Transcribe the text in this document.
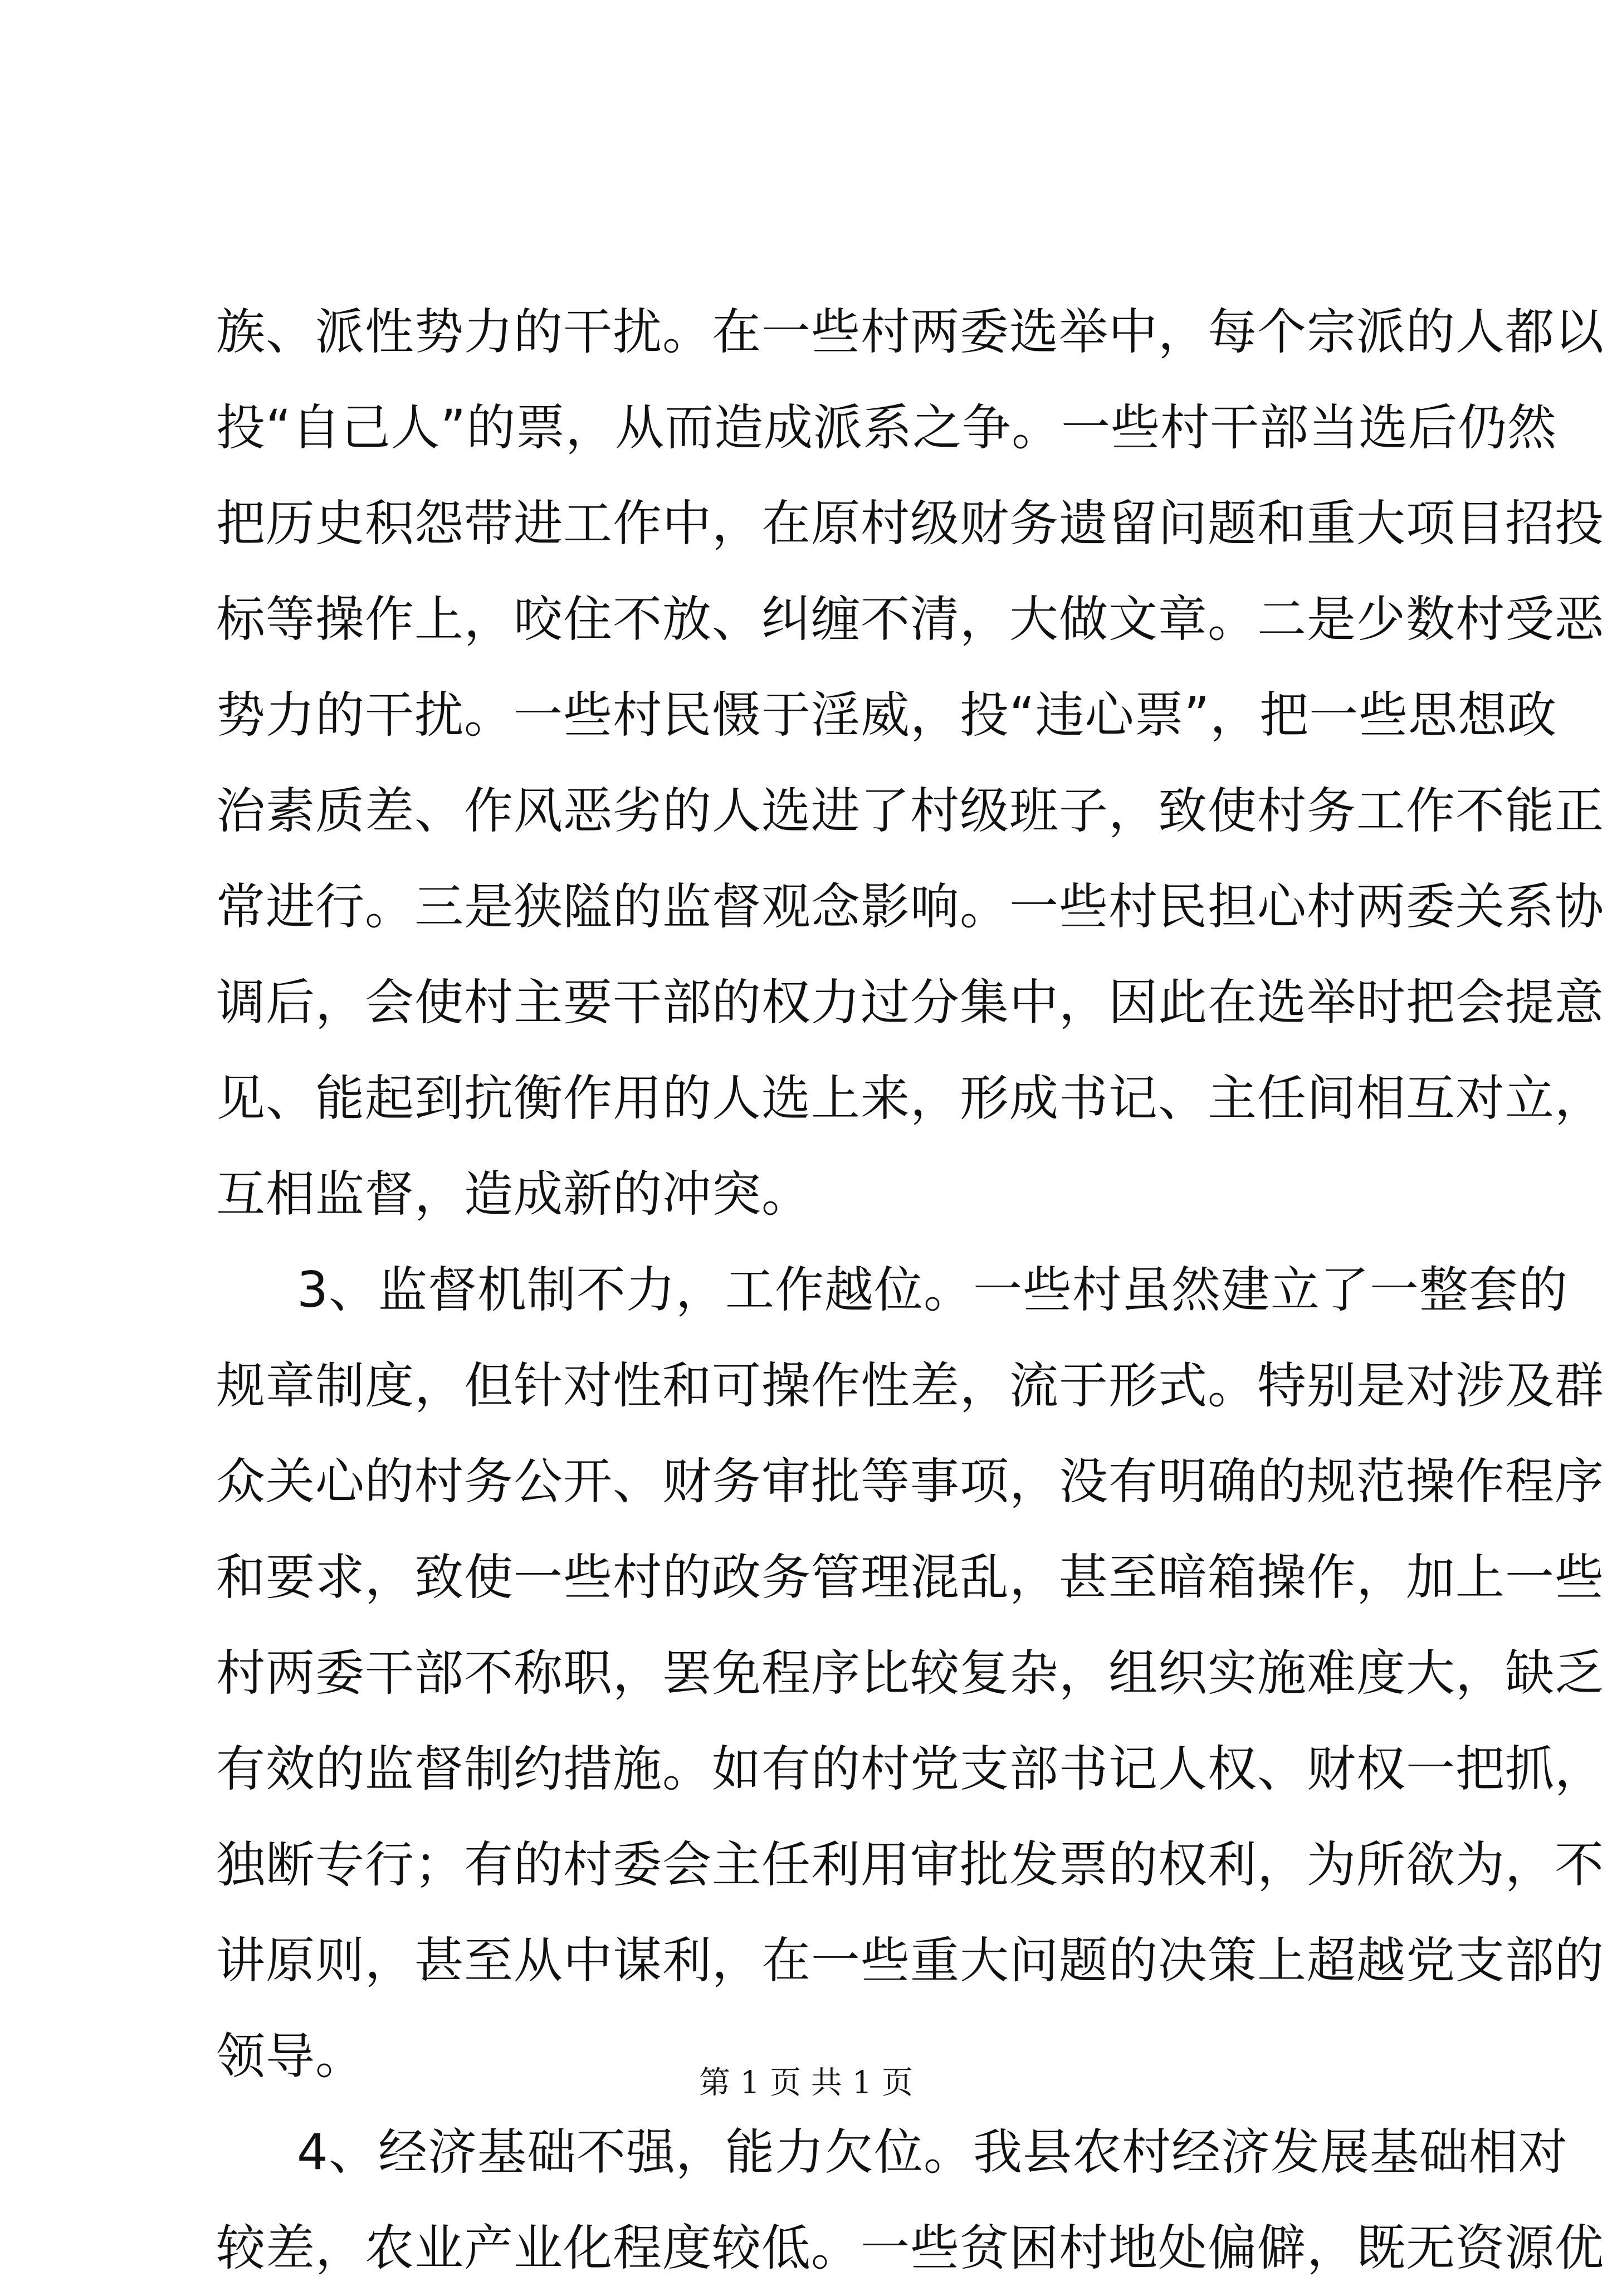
族、派性势力的干扰。在一些村两委选举中，每个宗派的人都以
投“自己人”的票，从而造成派系之争。一些村干部当选后仍然
把历史积怨带进工作中，在原村级财务遗留问题和重大项目招投
标等操作上，咬住不放、纠缠不清，大做文章。二是少数村受恶
势力的干扰。一些村民慑于淫威，投“违心票”，把一些思想政
治素质差、作风恶劣的人选进了村级班子，致使村务工作不能正
常进行。三是狭隘的监督观念影响。一些村民担心村两委关系协
调后，会使村主要干部的权力过分集中，因此在选举时把会提意
见、能起到抗衡作用的人选上来，形成书记、主任间相互对立，
互相监督，造成新的冲突。
3、监督机制不力，工作越位。一些村虽然建立了一整套的
规章制度，但针对性和可操作性差，流于形式。特别是对涉及群
众关心的村务公开、财务审批等事项，没有明确的规范操作程序
和要求，致使一些村的政务管理混乱，甚至暗箱操作，加上一些
村两委干部不称职，罢免程序比较复杂，组织实施难度大，缺乏
有效的监督制约措施。如有的村党支部书记人权、财权一把抓，
独断专行；有的村委会主任利用审批发票的权利，为所欲为，不
讲原则，甚至从中谋利，在一些重大问题的决策上超越党支部的
领导。
4、经济基础不强，能力欠位。我县农村经济发展基础相对
较差，农业产业化程度较低。一些贫困村地处偏僻，既无资源优
第 1 页 共 1 页
